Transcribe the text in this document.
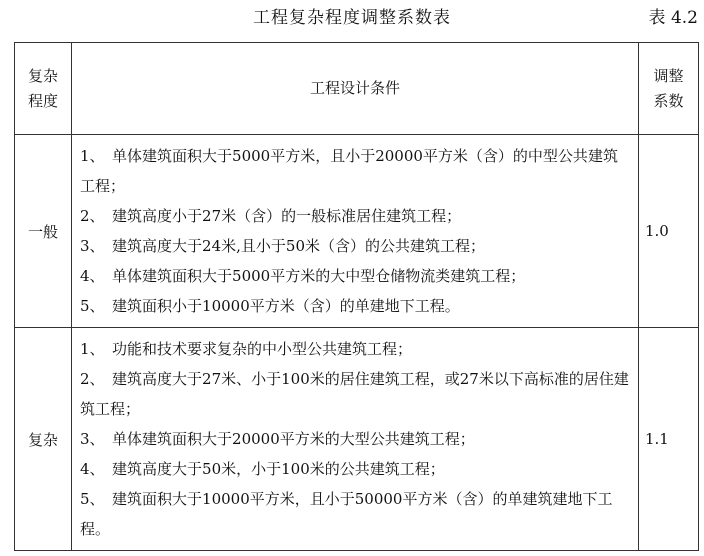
工程复杂程度调整系数表	表 4.2
复杂
程度	工程设计条件	调整
系数

一般	1、　单体建筑面积大于5000平方米，且小于20000平方米（含）的中型公共建筑工程；
2、　建筑高度小于27米（含）的一般标准居住建筑工程；
3、　建筑高度大于24米,且小于50米（含）的公共建筑工程；
4、　单体建筑面积大于5000平方米的大中型仓储物流类建筑工程；
5、　建筑面积小于10000平方米（含）的单建地下工程。	1.0
复杂	1、　功能和技术要求复杂的中小型公共建筑工程；
2、　建筑高度大于27米、小于100米的居住建筑工程，或27米以下高标准的居住建筑工程；
3、　单体建筑面积大于20000平方米的大型公共建筑工程；
4、　建筑高度大于50米，小于100米的公共建筑工程；
5、　建筑面积大于10000平方米，且小于50000平方米（含）的单建筑建地下工程。	1.1
